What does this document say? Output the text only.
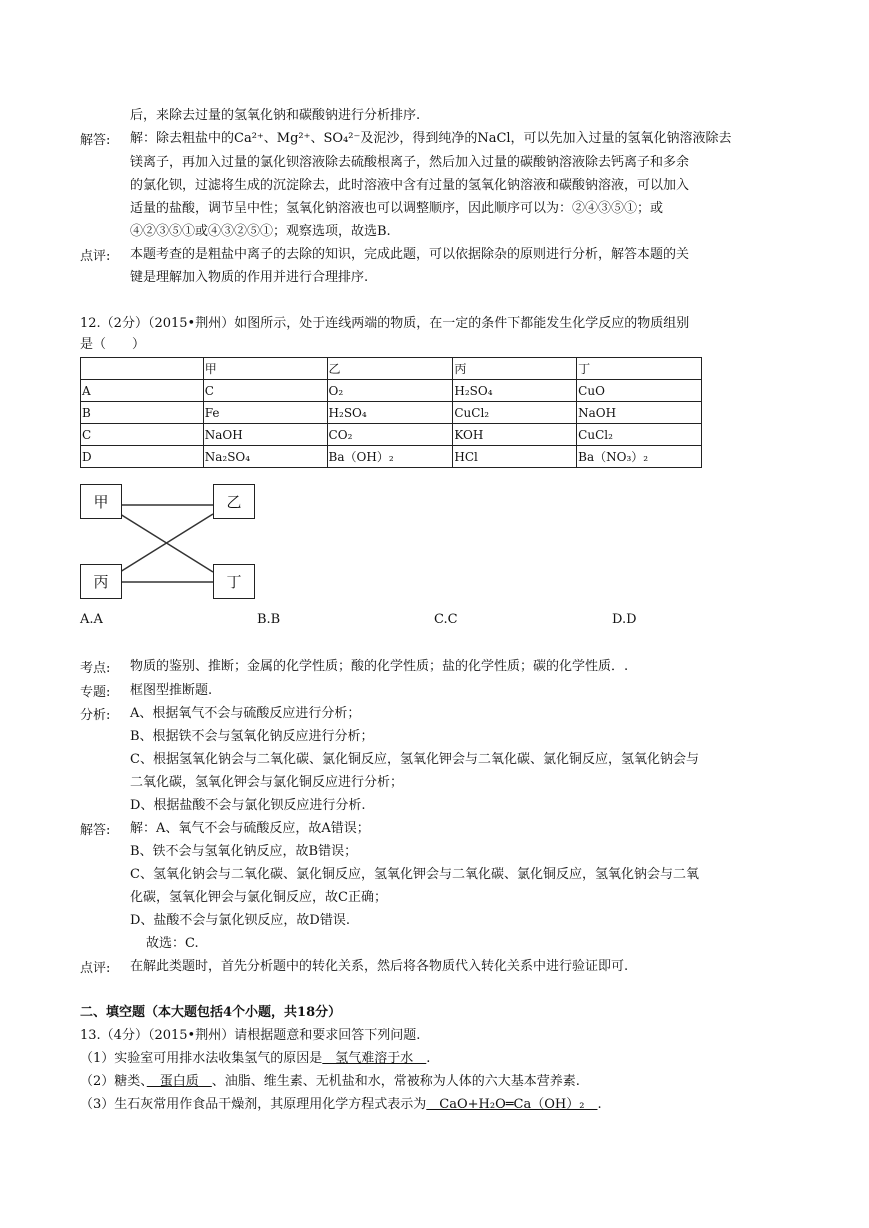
后，来除去过量的氢氧化钠和碳酸钠进行分析排序.
解答: 解：除去粗盐中的Ca²⁺、Mg²⁺、SO₄²⁻及泥沙，得到纯净的NaCl，可以先加入过量的氢氧化钠溶液除去
镁离子，再加入过量的氯化钡溶液除去硫酸根离子，然后加入过量的碳酸钠溶液除去钙离子和多余
的氯化钡，过滤将生成的沉淀除去，此时溶液中含有过量的氢氧化钠溶液和碳酸钠溶液，可以加入
适量的盐酸，调节呈中性；氢氧化钠溶液也可以调整顺序，因此顺序可以为：②④③⑤①；或
④②③⑤①或④③②⑤①；观察选项，故选B.
点评: 本题考查的是粗盐中离子的去除的知识，完成此题，可以依据除杂的原则进行分析，解答本题的关
键是理解加入物质的作用并进行合理排序.
12.（2分）（2015•荆州）如图所示，处于连线两端的物质，在一定的条件下都能发生化学反应的物质组别
是（　　）
	甲	乙	丙	丁
A	C	O₂	H₂SO₄	CuO
B	Fe	H₂SO₄	CuCl₂	NaOH
C	NaOH	CO₂	KOH	CuCl₂
D	Na₂SO₄	Ba（OH）₂	HCl	Ba（NO₃）₂
甲	乙
丙	丁
A.A	B.B	C.C	D.D
考点: 物质的鉴别、推断；金属的化学性质；酸的化学性质；盐的化学性质；碳的化学性质．.
专题: 框图型推断题.
分析: A、根据氧气不会与硫酸反应进行分析；
B、根据铁不会与氢氧化钠反应进行分析；
C、根据氢氧化钠会与二氧化碳、氯化铜反应，氢氧化钾会与二氧化碳、氯化铜反应，氢氧化钠会与
二氧化碳，氢氧化钾会与氯化铜反应进行分析；
D、根据盐酸不会与氯化钡反应进行分析.
解答: 解：A、氧气不会与硫酸反应，故A错误；
B、铁不会与氢氧化钠反应，故B错误；
C、氢氧化钠会与二氧化碳、氯化铜反应，氢氧化钾会与二氧化碳、氯化铜反应，氢氧化钠会与二氧
化碳，氢氧化钾会与氯化铜反应，故C正确；
D、盐酸不会与氯化钡反应，故D错误.
故选：C.
点评: 在解此类题时，首先分析题中的转化关系，然后将各物质代入转化关系中进行验证即可.
二、填空题（本大题包括4个小题，共18分）
13.（4分）（2015•荆州）请根据题意和要求回答下列问题.
（1）实验室可用排水法收集氢气的原因是　氢气难溶于水　.
（2）糖类、　蛋白质　、油脂、维生素、无机盐和水，常被称为人体的六大基本营养素.
（3）生石灰常用作食品干燥剂，其原理用化学方程式表示为　CaO+H₂O═Ca（OH）₂　.
